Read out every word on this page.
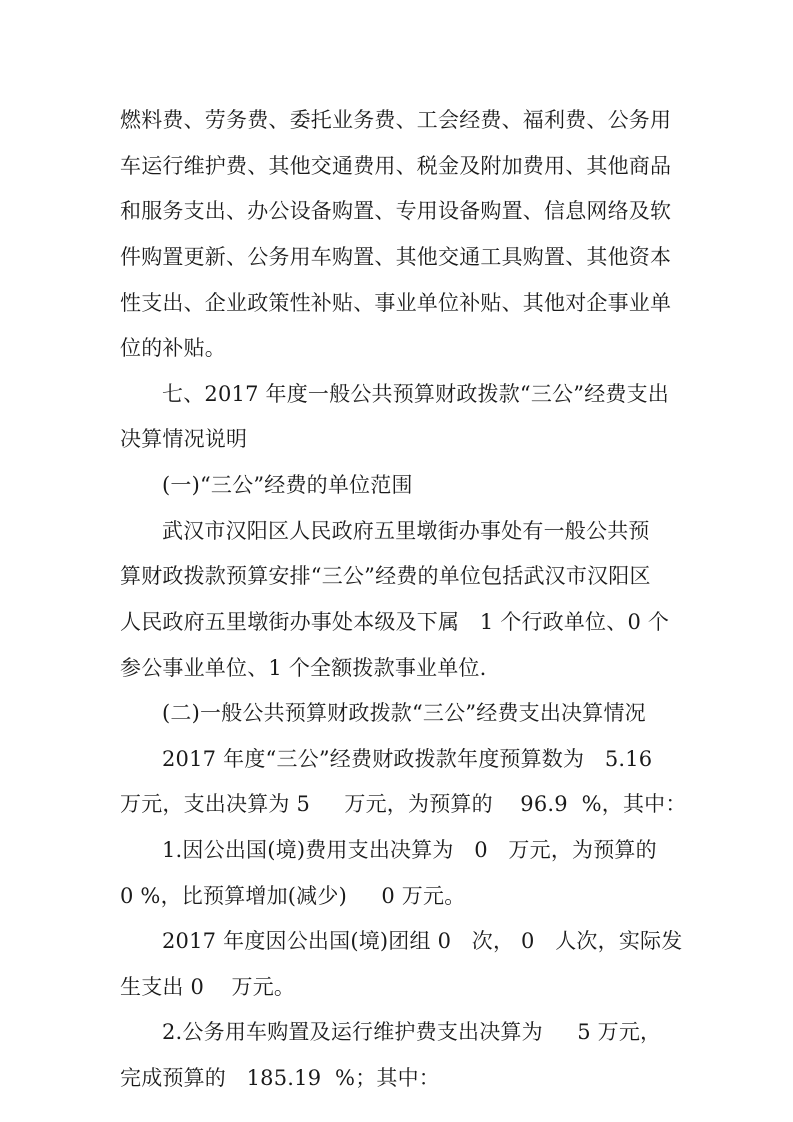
燃料费、劳务费、委托业务费、工会经费、福利费、公务用
车运行维护费、其他交通费用、税金及附加费用、其他商品
和服务支出、办公设备购置、专用设备购置、信息网络及软
件购置更新、公务用车购置、其他交通工具购置、其他资本
性支出、企业政策性补贴、事业单位补贴、其他对企事业单
位的补贴。
七、2017 年度一般公共预算财政拨款“三公”经费支出
决算情况说明
(一)“三公”经费的单位范围
武汉市汉阳区人民政府五里墩街办事处有一般公共预
算财政拨款预算安排“三公”经费的单位包括武汉市汉阳区
人民政府五里墩街办事处本级及下属   1 个行政单位、0 个
参公事业单位、1 个全额拨款事业单位.
(二)一般公共预算财政拨款“三公”经费支出决算情况
2017 年度“三公”经费财政拨款年度预算数为   5.16
万元，支出决算为 5     万元，为预算的    96.9  %，其中：
1.因公出国(境)费用支出决算为   0   万元，为预算的
0 %，比预算增加(减少)     0 万元。
2017 年度因公出国(境)团组 0   次， 0   人次，实际发
生支出 0    万元。
2.公务用车购置及运行维护费支出决算为     5 万元，
完成预算的   185.19  %；其中：
